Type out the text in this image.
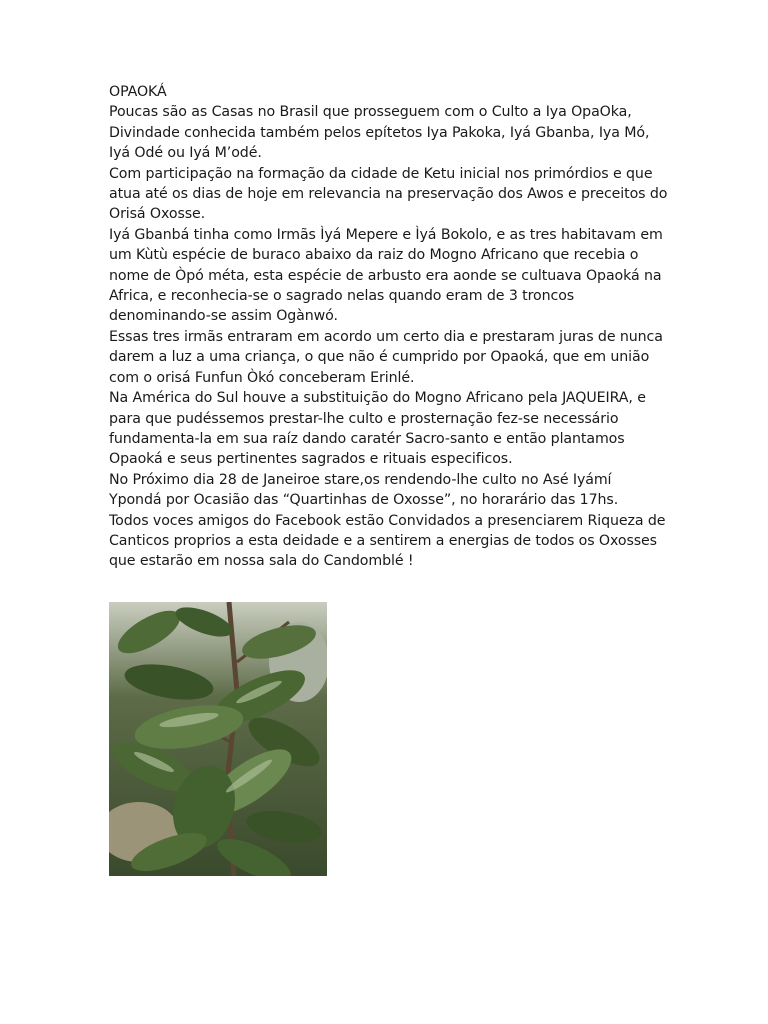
OPAOKÁ
Poucas são as Casas no Brasil que prosseguem com o Culto a Iya OpaOka,
Divindade conhecida também pelos epítetos Iya Pakoka, Iyá Gbanba, Iya Mó,
Iyá Odé ou Iyá M’odé.
Com participação na formação da cidade de Ketu inicial nos primórdios e que
atua até os dias de hoje em relevancia na preservação dos Awos e preceitos do
Orisá Oxosse.
Iyá Gbanbá tinha como Irmãs Ìyá Mepere e Ìyá Bokolo, e as tres habitavam em
um Kùtù espécie de buraco abaixo da raiz do Mogno Africano que recebia o
nome de Òpó méta, esta espécie de arbusto era aonde se cultuava Opaoká na
Africa, e reconhecia-se o sagrado nelas quando eram de 3 troncos
denominando-se assim Ogànwó.
Essas tres irmãs entraram em acordo um certo dia e prestaram juras de nunca
darem a luz a uma criança, o que não é cumprido por Opaoká, que em união
com o orisá Funfun Òkó conceberam Erinlé.
Na América do Sul houve a substituição do Mogno Africano pela JAQUEIRA, e
para que pudéssemos prestar-lhe culto e prosternação fez-se necessário
fundamenta-la em sua raíz dando caratér Sacro-santo e então plantamos
Opaoká e seus pertinentes sagrados e rituais especificos.
No Próximo dia 28 de Janeiroe stare,os rendendo-lhe culto no Asé Iyámí
Ypondá por Ocasião das “Quartinhas de Oxosse”, no horarário das 17hs.
Todos voces amigos do Facebook estão Convidados a presenciarem Riqueza de
Canticos proprios a esta deidade e a sentirem a energias de todos os Oxosses
que estarão em nossa sala do Candomblé !
